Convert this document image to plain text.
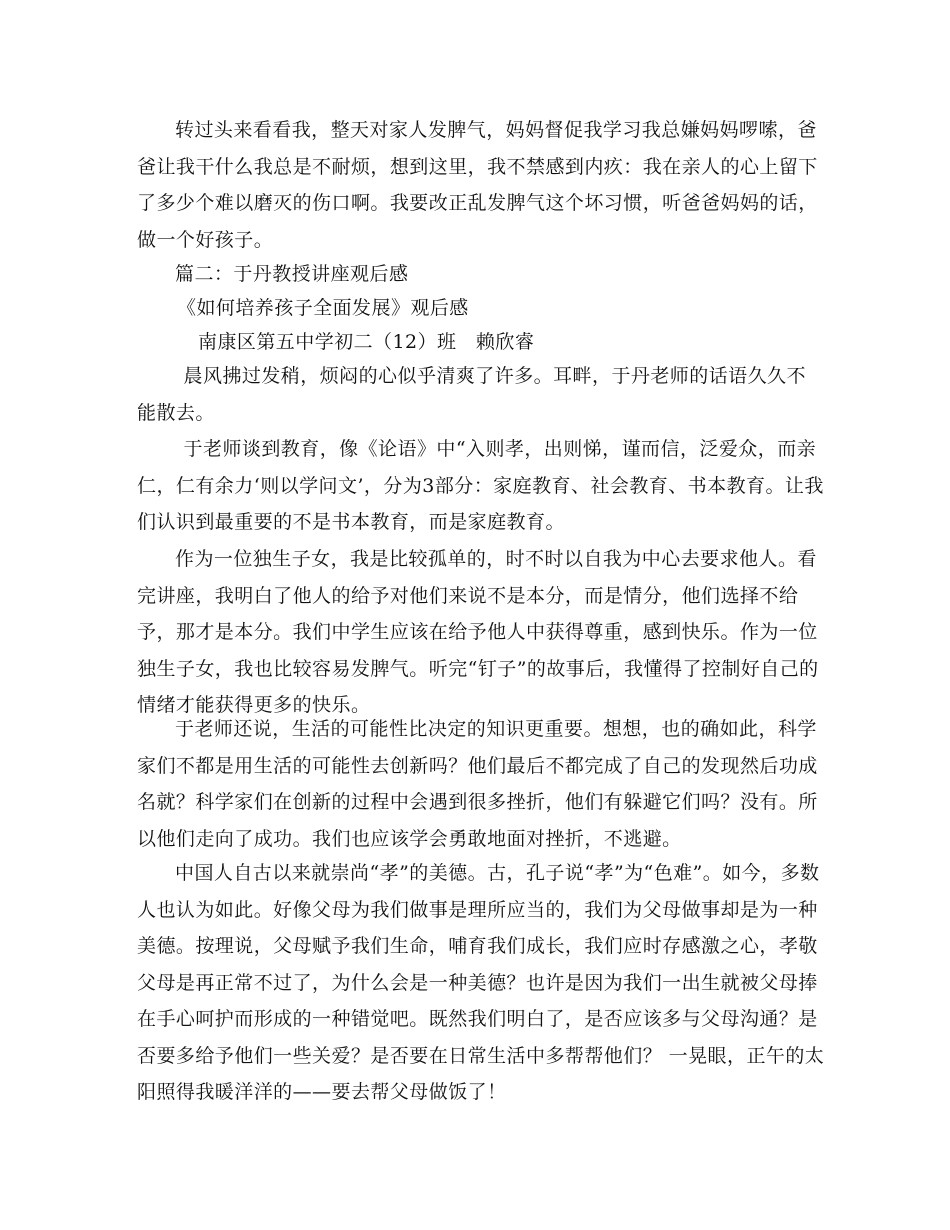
转过头来看看我，整天对家人发脾气，妈妈督促我学习我总嫌妈妈啰嗦，爸爸让我干什么我总是不耐烦，想到这里，我不禁感到内疚：我在亲人的心上留下了多少个难以磨灭的伤口啊。我要改正乱发脾气这个坏习惯，听爸爸妈妈的话，做一个好孩子。

篇二：于丹教授讲座观后感

《如何培养孩子全面发展》观后感

南康区第五中学初二（12）班　赖欣睿

晨风拂过发稍，烦闷的心似乎清爽了许多。耳畔，于丹老师的话语久久不能散去。

于老师谈到教育，像《论语》中“入则孝，出则悌，谨而信，泛爱众，而亲仁，仁有余力‘则以学问文’，分为3部分：家庭教育、社会教育、书本教育。让我们认识到最重要的不是书本教育，而是家庭教育。

作为一位独生子女，我是比较孤单的，时不时以自我为中心去要求他人。看完讲座，我明白了他人的给予对他们来说不是本分，而是情分，他们选择不给予，那才是本分。我们中学生应该在给予他人中获得尊重，感到快乐。作为一位独生子女，我也比较容易发脾气。听完“钉子”的故事后，我懂得了控制好自己的情绪才能获得更多的快乐。

于老师还说，生活的可能性比决定的知识更重要。想想，也的确如此，科学家们不都是用生活的可能性去创新吗？他们最后不都完成了自己的发现然后功成名就？科学家们在创新的过程中会遇到很多挫折，他们有躲避它们吗？没有。所以他们走向了成功。我们也应该学会勇敢地面对挫折，不逃避。

中国人自古以来就崇尚“孝”的美德。古，孔子说“孝”为“色难”。如今，多数人也认为如此。好像父母为我们做事是理所应当的，我们为父母做事却是为一种美德。按理说，父母赋予我们生命，哺育我们成长，我们应时存感激之心，孝敬父母是再正常不过了，为什么会是一种美德？也许是因为我们一出生就被父母捧在手心呵护而形成的一种错觉吧。既然我们明白了，是否应该多与父母沟通？是否要多给予他们一些关爱？是否要在日常生活中多帮帮他们？ 一晃眼，正午的太阳照得我暖洋洋的——要去帮父母做饭了！
